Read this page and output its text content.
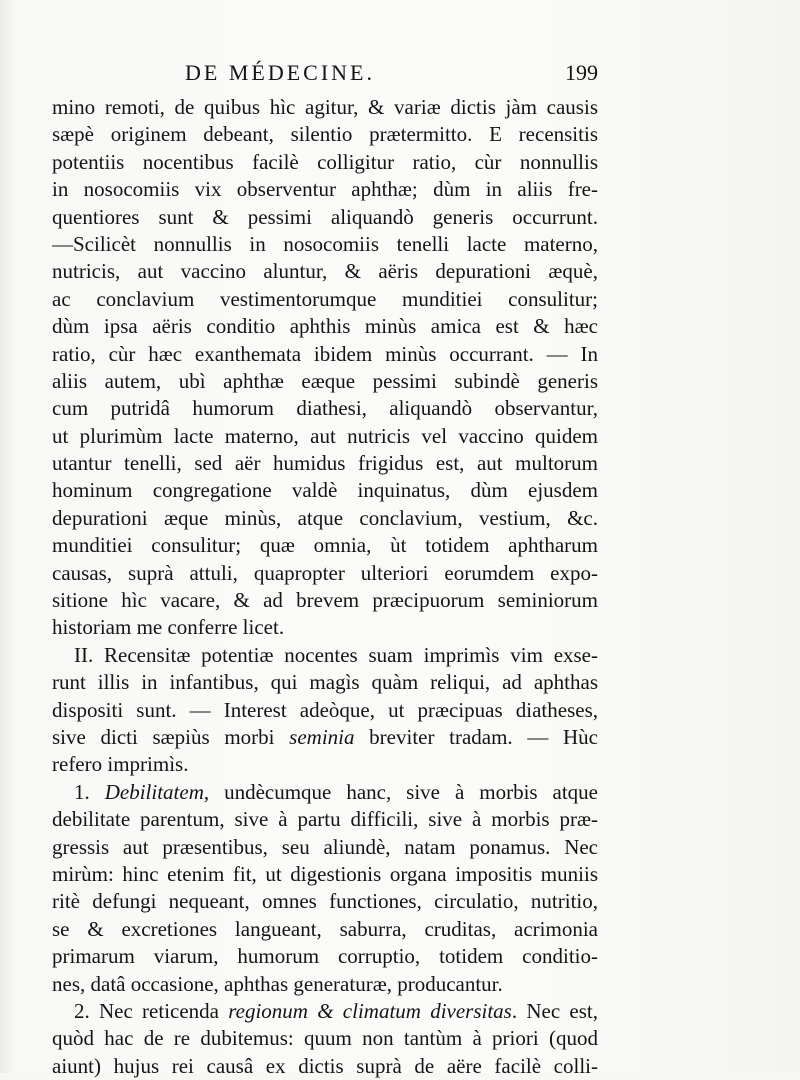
DE MÉDECINE.	199
mino remoti, de quibus hìc agitur, & variæ dictis jàm causis
sæpè originem debeant, silentio prætermitto. E recensitis
potentiis nocentibus facilè colligitur ratio, cùr nonnullis
in nosocomiis vix observentur aphthæ; dùm in aliis fre-
quentiores sunt & pessimi aliquandò generis occurrunt.
—Scilicèt nonnullis in nosocomiis tenelli lacte materno,
nutricis, aut vaccino aluntur, & aëris depurationi æquè,
ac conclavium vestimentorumque munditiei consulitur;
dùm ipsa aëris conditio aphthis minùs amica est & hæc
ratio, cùr hæc exanthemata ibidem minùs occurrant. — In
aliis autem, ubì aphthæ eæque pessimi subindè generis
cum putridâ humorum diathesi, aliquandò observantur,
ut plurimùm lacte materno, aut nutricis vel vaccino quidem
utantur tenelli, sed aër humidus frigidus est, aut multorum
hominum congregatione valdè inquinatus, dùm ejusdem
depurationi æque minùs, atque conclavium, vestium, &c.
munditiei consulitur; quæ omnia, ùt totidem aphtharum
causas, suprà attuli, quapropter ulteriori eorumdem expo-
sitione hìc vacare, & ad brevem præcipuorum seminiorum
historiam me conferre licet.
II. Recensitæ potentiæ nocentes suam imprimìs vim exse-
runt illis in infantibus, qui magìs quàm reliqui, ad aphthas
dispositi sunt. — Interest adeòque, ut præcipuas diatheses,
sive dicti sæpiùs morbi seminia breviter tradam. — Hùc
refero imprimìs.
1. Debilitatem, undècumque hanc, sive à morbis atque
debilitate parentum, sive à partu difficili, sive à morbis præ-
gressis aut præsentibus, seu aliundè, natam ponamus. Nec
mirùm: hinc etenim fit, ut digestionis organa impositis muniis
ritè defungi nequeant, omnes functiones, circulatio, nutritio,
se & excretiones langueant, saburra, cruditas, acrimonia
primarum viarum, humorum corruptio, totidem conditio-
nes, datâ occasione, aphthas generaturæ, producantur.
2. Nec reticenda regionum & climatum diversitas. Nec est,
quòd hac de re dubitemus: quum non tantùm à priori (quod
aiunt) hujus rei causâ ex dictis suprà de aëre facilè colli-
